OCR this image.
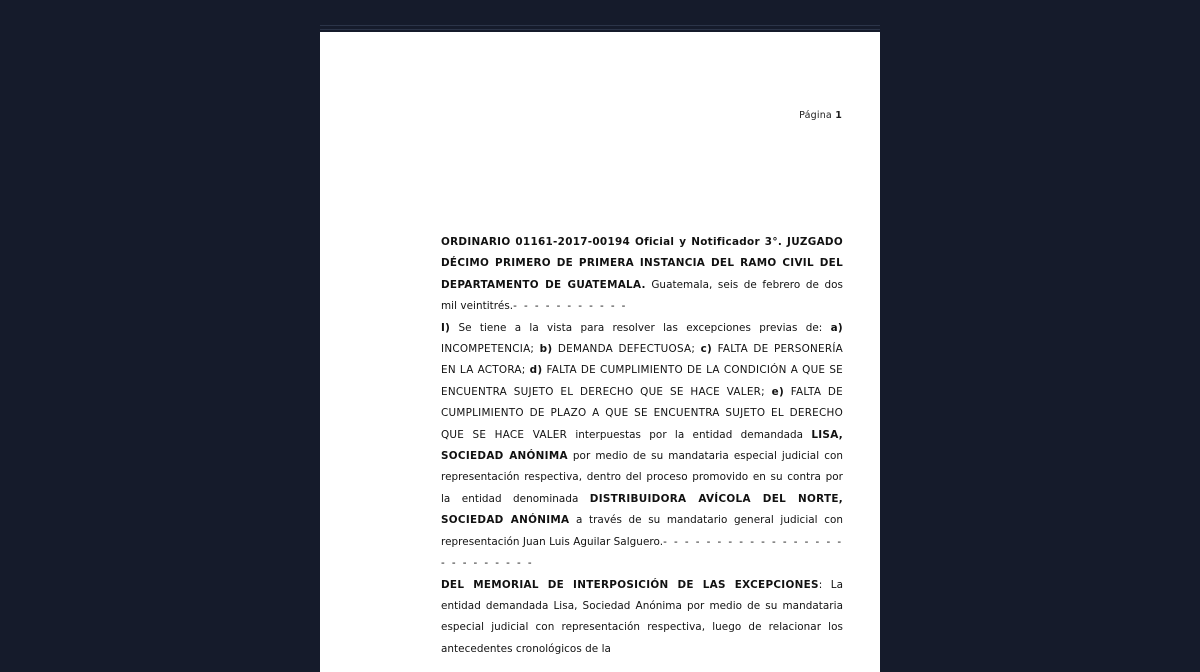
Página 1

ORDINARIO 01161-2017-00194 Oficial y Notificador 3°. JUZGADO DÉCIMO PRIMERO DE PRIMERA INSTANCIA DEL RAMO CIVIL DEL DEPARTAMENTO DE GUATEMALA. Guatemala, seis de febrero de dos mil veintitrés.- - - - - - - - - - -

I) Se tiene a la vista para resolver las excepciones previas de: a) INCOMPETENCIA; b) DEMANDA DEFECTUOSA; c) FALTA DE PERSONERÍA EN LA ACTORA; d) FALTA DE CUMPLIMIENTO DE LA CONDICIÓN A QUE SE ENCUENTRA SUJETO EL DERECHO QUE SE HACE VALER; e) FALTA DE CUMPLIMIENTO DE PLAZO A QUE SE ENCUENTRA SUJETO EL DERECHO QUE SE HACE VALER interpuestas por la entidad demandada LISA, SOCIEDAD ANÓNIMA por medio de su mandataria especial judicial con representación respectiva, dentro del proceso promovido en su contra por la entidad denominada DISTRIBUIDORA AVÍCOLA DEL NORTE, SOCIEDAD ANÓNIMA a través de su mandatario general judicial con representación Juan Luis Aguilar Salguero.- - - - - - - - - - - - - - - - - - - - - - - - - -

DEL MEMORIAL DE INTERPOSICIÓN DE LAS EXCEPCIONES: La entidad demandada Lisa, Sociedad Anónima por medio de su mandataria especial judicial con representación respectiva, luego de relacionar los antecedentes cronológicos de la
